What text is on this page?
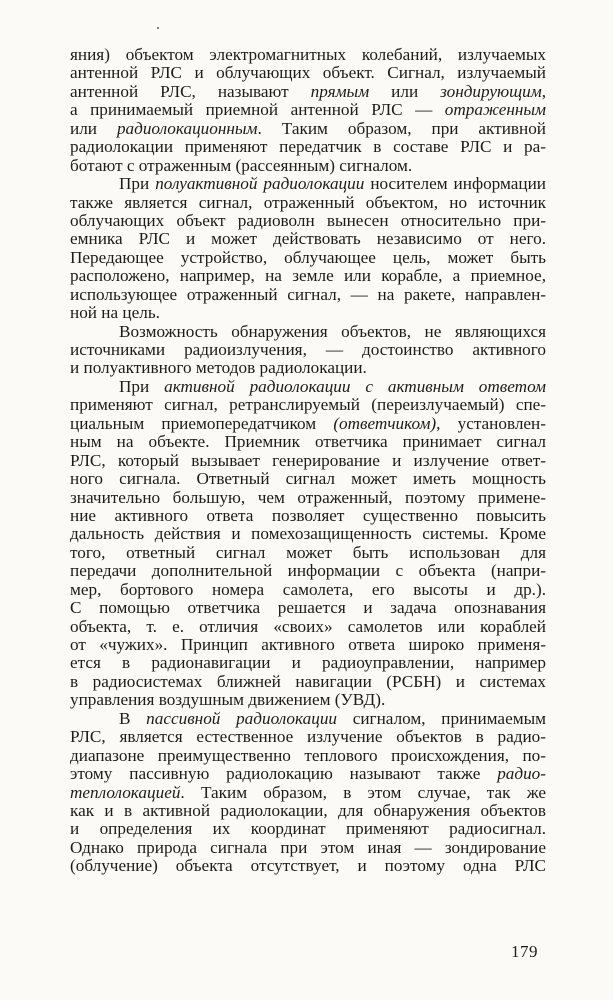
яния) объектом электромагнитных колебаний, излучаемых
антенной РЛС и облучающих объект. Сигнал, излучаемый
антенной РЛС, называют прямым или зондирующим,
а принимаемый приемной антенной РЛС — отраженным
или радиолокационным. Таким образом, при активной
радиолокации применяют передатчик в составе РЛС и ра-
ботают с отраженным (рассеянным) сигналом.
При полуактивной радиолокации носителем информации
также является сигнал, отраженный объектом, но источник
облучающих объект радиоволн вынесен относительно при-
емника РЛС и может действовать независимо от него.
Передающее устройство, облучающее цель, может быть
расположено, например, на земле или корабле, а приемное,
использующее отраженный сигнал, — на ракете, направлен-
ной на цель.
Возможность обнаружения объектов, не являющихся
источниками радиоизлучения, — достоинство активного
и полуактивного методов радиолокации.
При активной радиолокации с активным ответом
применяют сигнал, ретранслируемый (переизлучаемый) спе-
циальным приемопередатчиком (ответчиком), установлен-
ным на объекте. Приемник ответчика принимает сигнал
РЛС, который вызывает генерирование и излучение ответ-
ного сигнала. Ответный сигнал может иметь мощность
значительно большую, чем отраженный, поэтому примене-
ние активного ответа позволяет существенно повысить
дальность действия и помехозащищенность системы. Кроме
того, ответный сигнал может быть использован для
передачи дополнительной информации с объекта (напри-
мер, бортового номера самолета, его высоты и др.).
С помощью ответчика решается и задача опознавания
объекта, т. е. отличия «своих» самолетов или кораблей
от «чужих». Принцип активного ответа широко применя-
ется в радионавигации и радиоуправлении, например
в радиосистемах ближней навигации (РСБН) и системах
управления воздушным движением (УВД).
В пассивной радиолокации сигналом, принимаемым
РЛС, является естественное излучение объектов в радио-
диапазоне преимущественно теплового происхождения, по-
этому пассивную радиолокацию называют также радио-
теплолокацией. Таким образом, в этом случае, так же
как и в активной радиолокации, для обнаружения объектов
и определения их координат применяют радиосигнал.
Однако природа сигнала при этом иная — зондирование
(облучение) объекта отсутствует, и поэтому одна РЛС
179
